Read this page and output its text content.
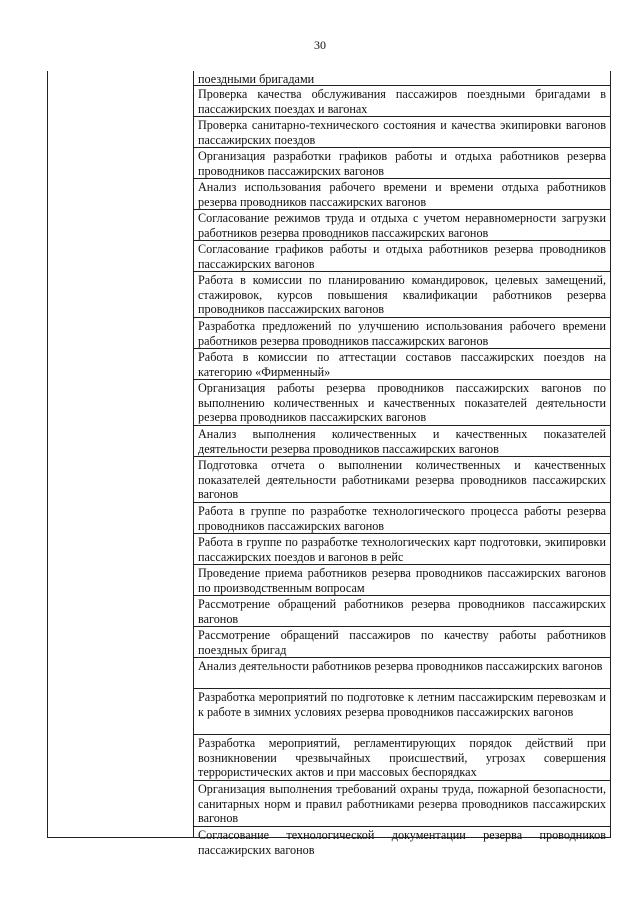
30
поездными бригадами
Проверка качества обслуживания пассажиров поездными бригадами в пассажирских поездах и вагонах
Проверка санитарно-технического состояния и качества экипировки вагонов пассажирских поездов
Организация разработки графиков работы и отдыха работников резерва проводников пассажирских вагонов
Анализ использования рабочего времени и времени отдыха работников резерва проводников пассажирских вагонов
Согласование режимов труда и отдыха с учетом неравномерности загрузки работников резерва проводников пассажирских вагонов
Согласование графиков работы и отдыха работников резерва проводников пассажирских вагонов
Работа в комиссии по планированию командировок, целевых замещений, стажировок, курсов повышения квалификации работников резерва проводников пассажирских вагонов
Разработка предложений по улучшению использования рабочего времени работников резерва проводников пассажирских вагонов
Работа в комиссии по аттестации составов пассажирских поездов на категорию «Фирменный»
Организация работы резерва проводников пассажирских вагонов по выполнению количественных и качественных показателей деятельности резерва проводников пассажирских вагонов
Анализ выполнения количественных и качественных показателей деятельности резерва проводников пассажирских вагонов
Подготовка отчета о выполнении количественных и качественных показателей деятельности работниками резерва проводников пассажирских вагонов
Работа в группе по разработке технологического процесса работы резерва проводников пассажирских вагонов
Работа в группе по разработке технологических карт подготовки, экипировки пассажирских поездов и вагонов в рейс
Проведение приема работников резерва проводников пассажирских вагонов по производственным вопросам
Рассмотрение обращений работников резерва проводников пассажирских вагонов
Рассмотрение обращений пассажиров по качеству работы работников поездных бригад
Анализ деятельности работников резерва проводников пассажирских вагонов
Разработка мероприятий по подготовке к летним пассажирским перевозкам и к работе в зимних условиях резерва проводников пассажирских вагонов
Разработка мероприятий, регламентирующих порядок действий при возникновении чрезвычайных происшествий, угрозах совершения террористических актов и при массовых беспорядках
Организация выполнения требований охраны труда, пожарной безопасности, санитарных норм и правил работниками резерва проводников пассажирских вагонов
Согласование технологической документации резерва проводников пассажирских вагонов
